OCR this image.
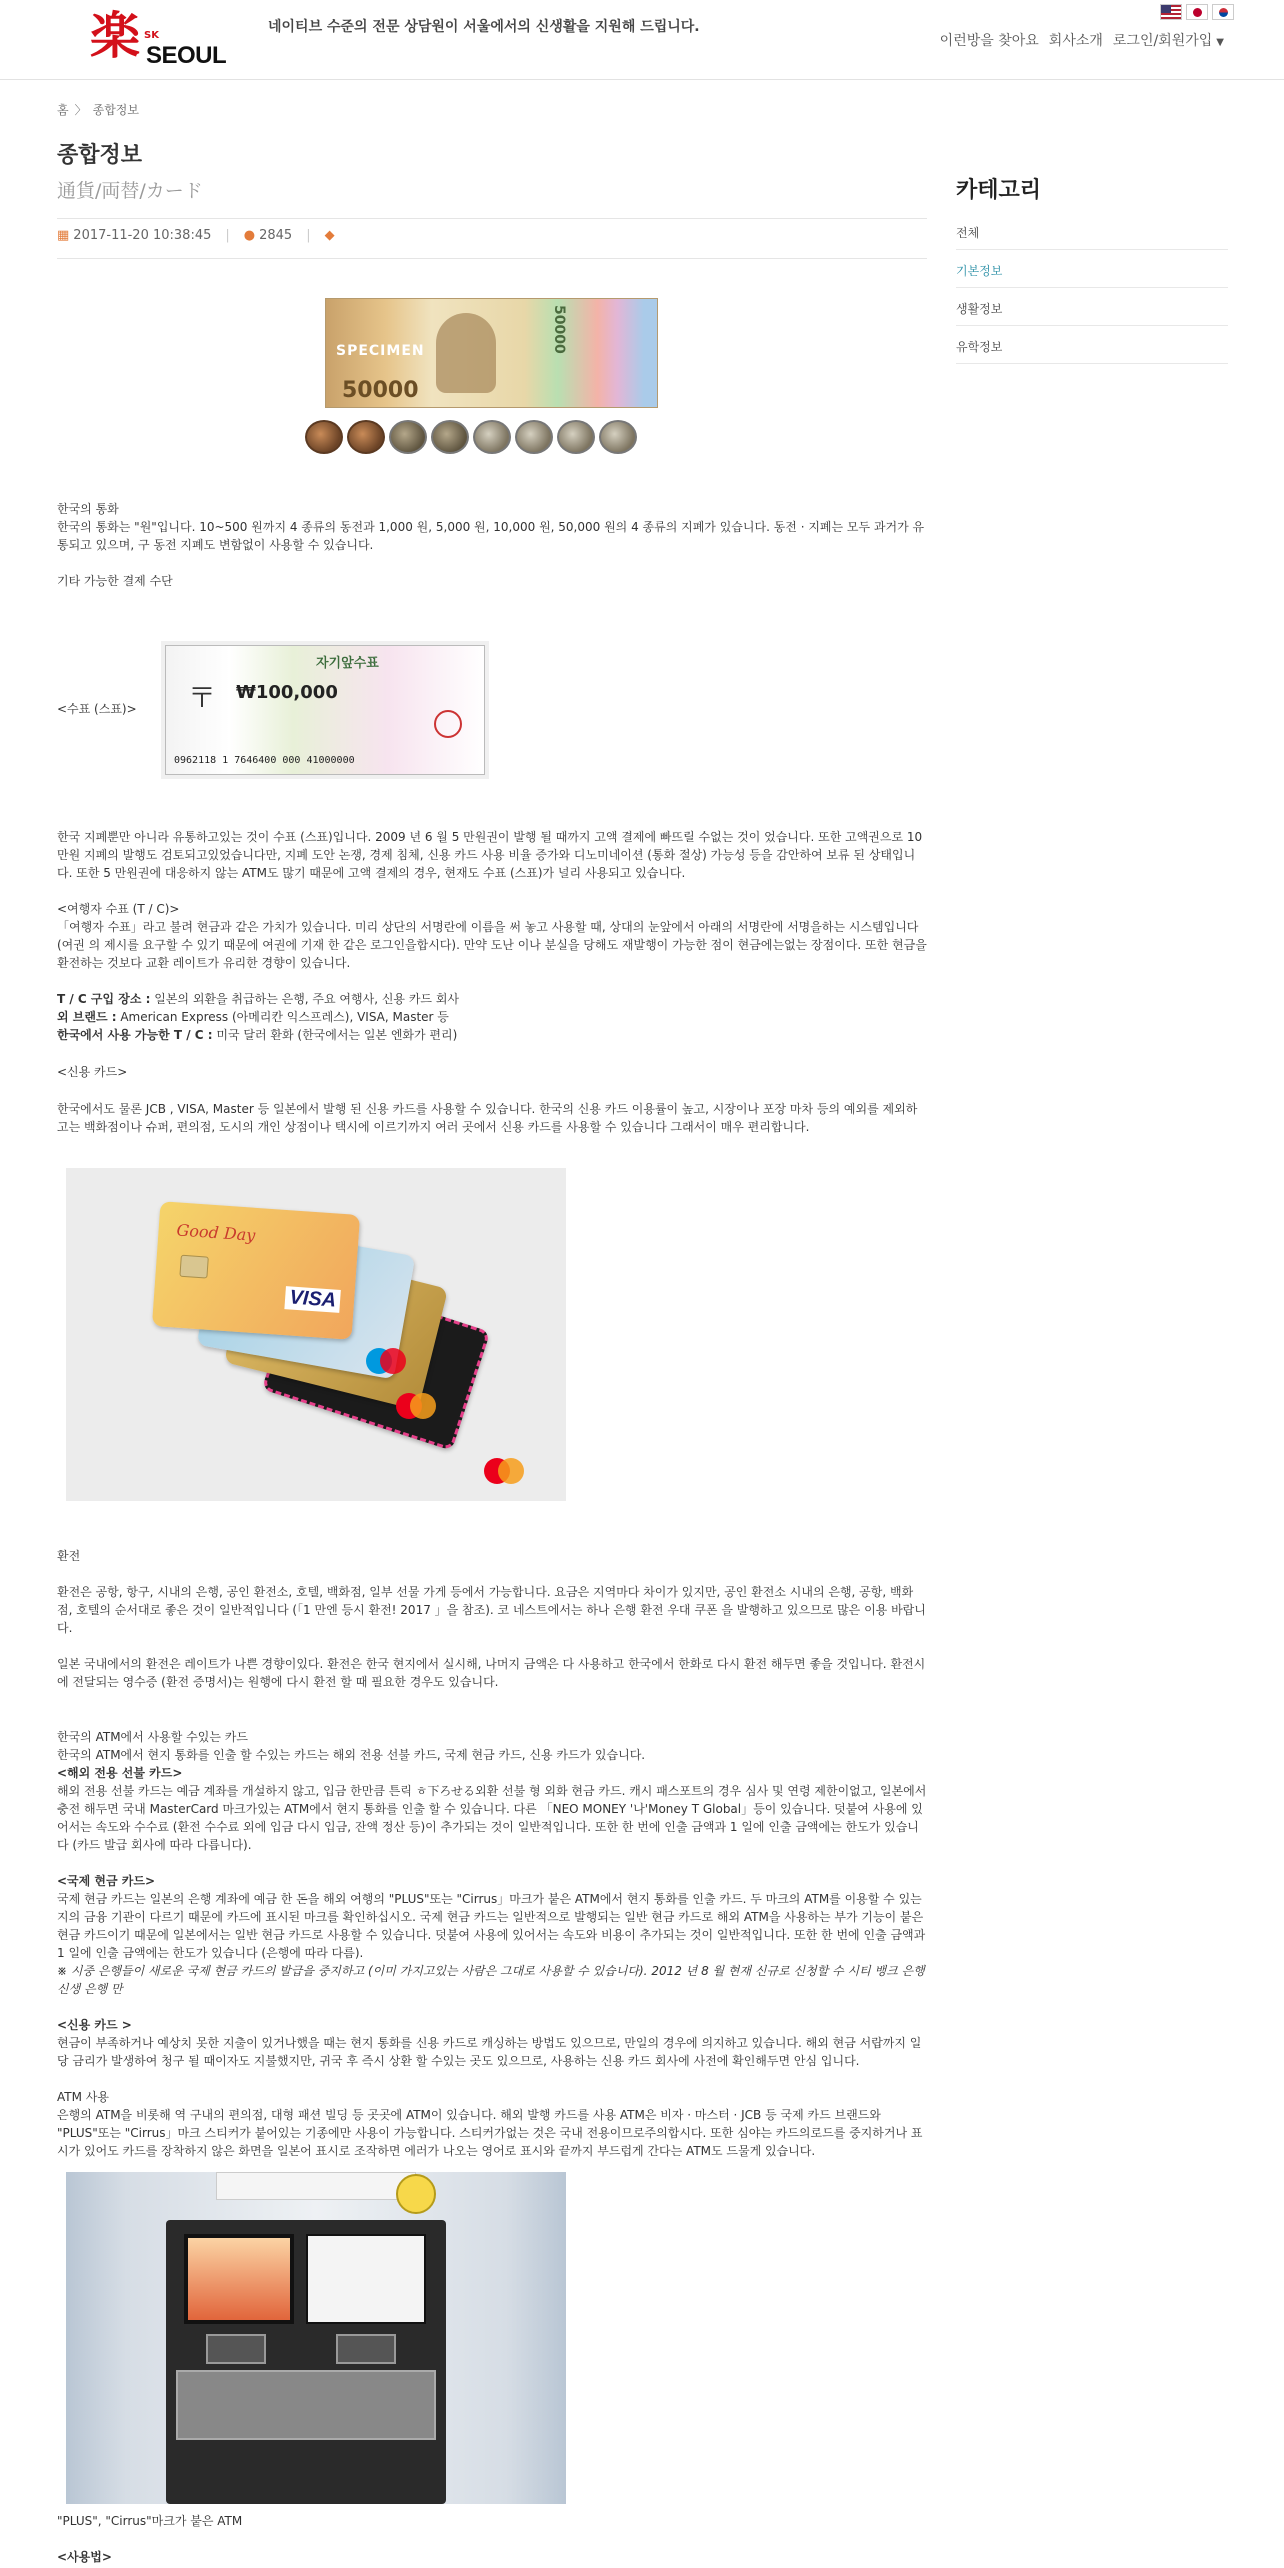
楽 SK
SEOUL
네이티브 수준의 전문 상담원이 서울에서의 신생활을 지원해 드립니다.
이런방을 찾아요 회사소개 로그인/회원가입 ▼
홈 〉 종합정보
종합정보
通貨/両替/カード
▦ 2017-11-20 10:38:45 | ● 2845 | ◆
SPECIMEN
50000
50000
한국의 통화
한국의 통화는 "원"입니다. 10~500 원까지 4 종류의 동전과 1,000 원, 5,000 원, 10,000 원, 50,000 원의 4 종류의 지폐가 있습니다. 동전 · 지폐는 모두 과거가 유통되고 있으며, 구 동전 지폐도 변함없이 사용할 수 있습니다.
기타 가능한 결제 수단
<수표 (스표)>	〒
자기앞수표
₩100,000
0962118 1 7646400 000 41000000
한국 지폐뿐만 아니라 유통하고있는 것이 수표 (스표)입니다. 2009 년 6 월 5 만원권이 발행 될 때까지 고액 결제에 빠뜨릴 수없는 것이 었습니다. 또한 고액권으로 10 만원 지폐의 발행도 검토되고있었습니다만, 지폐 도안 논쟁, 경제 침체, 신용 카드 사용 비율 증가와 디노미네이션 (통화 절상) 가능성 등을 감안하여 보류 된 상태입니다. 또한 5 만원권에 대응하지 않는 ATM도 많기 때문에 고액 결제의 경우, 현재도 수표 (스표)가 널리 사용되고 있습니다.
<여행자 수표 (T / C)>
「여행자 수표」라고 불려 현금과 같은 가치가 있습니다. 미리 상단의 서명란에 이름을 써 놓고 사용할 때, 상대의 눈앞에서 아래의 서명란에 서명을하는 시스템입니다 (여권 의 제시를 요구할 수 있기 때문에 여권에 기재 한 같은 로그인을합시다). 만약 도난 이나 분실을 당해도 재발행이 가능한 점이 현금에는없는 장점이다. 또한 현금을 환전하는 것보다 교환 레이트가 유리한 경향이 있습니다.
T / C 구입 장소 : 일본의 외환을 취급하는 은행, 주요 여행사, 신용 카드 회사
외 브랜드 : American Express (아메리칸 익스프레스), VISA, Master 등
한국에서 사용 가능한 T / C : 미국 달러 환화 (한국에서는 일본 엔화가 편리)
<신용 카드>
한국에서도 물론 JCB , VISA, Master 등 일본에서 발행 된 신용 카드를 사용할 수 있습니다. 한국의 신용 카드 이용률이 높고, 시장이나 포장 마차 등의 예외를 제외하고는 백화점이나 슈퍼, 편의점, 도시의 개인 상점이나 택시에 이르기까지 여러 곳에서 신용 카드를 사용할 수 있습니다 그래서이 매우 편리합니다.
Good Day
VISA
환전
환전은 공항, 항구, 시내의 은행, 공인 환전소, 호텔, 백화점, 일부 선물 가게 등에서 가능합니다. 요금은 지역마다 차이가 있지만, 공인 환전소 시내의 은행, 공항, 백화점, 호텔의 순서대로 좋은 것이 일반적입니다 (「1 만엔 등시 환전! 2017 」을 참조). 코 네스트에서는 하나 은행 환전 우대 쿠폰 을 발행하고 있으므로 많은 이용 바랍니다.
일본 국내에서의 환전은 레이트가 나쁜 경향이있다. 환전은 한국 현지에서 실시해, 나머지 금액은 다 사용하고 한국에서 한화로 다시 환전 해두면 좋을 것입니다. 환전시에 전달되는 영수증 (환전 증명서)는 원행에 다시 환전 할 때 필요한 경우도 있습니다.
한국의 ATM에서 사용할 수있는 카드
한국의 ATM에서 현지 통화를 인출 할 수있는 카드는 해외 전용 선불 카드, 국제 현금 카드, 신용 카드가 있습니다.
<해외 전용 선불 카드>
해외 전용 선불 카드는 예금 계좌를 개설하지 않고, 입금 한만큼 튼릭 ㅎ下ろせる외환 선불 형 외화 현금 카드. 캐시 패스포트의 경우 심사 및 연령 제한이없고, 일본에서 충전 해두면 국내 MasterCard 마크가있는 ATM에서 현지 통화를 인출 할 수 있습니다. 다른 「NEO MONEY '나'Money T Global」등이 있습니다. 덧붙여 사용에 있어서는 속도와 수수료 (환전 수수료 외에 입금 다시 입금, 잔액 정산 등)이 추가되는 것이 일반적입니다. 또한 한 번에 인출 금액과 1 일에 인출 금액에는 한도가 있습니다 (카드 발급 회사에 따라 다릅니다).
<국제 현금 카드>
국제 현금 카드는 일본의 은행 계좌에 예금 한 돈을 해외 여행의 "PLUS"또는 "Cirrus」마크가 붙은 ATM에서 현지 통화를 인출 카드. 두 마크의 ATM를 이용할 수 있는 지의 금융 기관이 다르기 때문에 카드에 표시된 마크를 확인하십시오. 국제 현금 카드는 일반적으로 발행되는 일반 현금 카드로 해외 ATM을 사용하는 부가 기능이 붙은 현금 카드이기 때문에 일본에서는 일반 현금 카드로 사용할 수 있습니다. 덧붙여 사용에 있어서는 속도와 비용이 추가되는 것이 일반적입니다. 또한 한 번에 인출 금액과 1 일에 인출 금액에는 한도가 있습니다 (은행에 따라 다름).
※ 시중 은행들이 새로운 국제 현금 카드의 발급을 중지하고 (이미 가지고있는 사람은 그대로 사용할 수 있습니다). 2012 년 8 월 현재 신규로 신청할 수 시티 뱅크 은행 신생 은행 만
<신용 카드 >
현금이 부족하거나 예상치 못한 지출이 있거나했을 때는 현지 통화를 신용 카드로 캐싱하는 방법도 있으므로, 만일의 경우에 의지하고 있습니다. 해외 현금 서랍까지 일당 금리가 발생하여 청구 될 때이자도 지불했지만, 귀국 후 즉시 상환 할 수있는 곳도 있으므로, 사용하는 신용 카드 회사에 사전에 확인해두면 안심 입니다.
ATM 사용
은행의 ATM을 비롯해 역 구내의 편의점, 대형 패션 빌딩 등 곳곳에 ATM이 있습니다. 해외 발행 카드를 사용 ATM은 비자 · 마스터 · JCB 등 국제 카드 브랜드와 "PLUS"또는 "Cirrus」마크 스티커가 붙어있는 기종에만 사용이 가능합니다. 스티커가없는 것은 국내 전용이므로주의합시다. 또한 심야는 카드의로드를 중지하거나 표시가 있어도 카드를 장착하지 않은 화면을 일본어 표시로 조작하면 에러가 나오는 영어로 표시와 끝까지 부드럽게 간다는 ATM도 드물게 있습니다.
"PLUS", "Cirrus"마크가 붙은 ATM
<사용법>
카테고리
전체
기본정보
생활정보
유학정보
